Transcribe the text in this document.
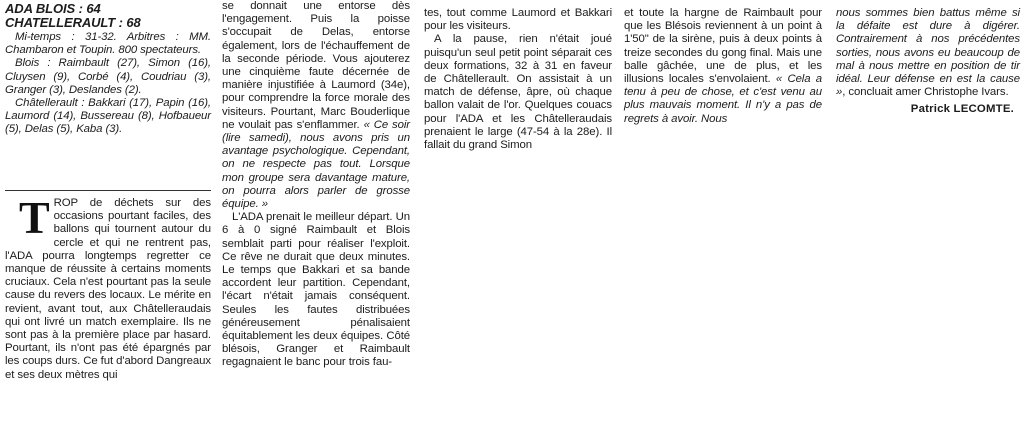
ADA BLOIS : 64
CHATELLERAULT : 68

Mi-temps : 31-32. Arbitres : MM. Chambaron et Toupin. 800 spectateurs.

Blois : Raimbault (27), Simon (16), Cluysen (9), Corbé (4), Coudriau (3), Granger (3), Deslandes (2).

Châtellerault : Bakkari (17), Papin (16), Laumord (14), Bussereau (8), Hofbaueur (5), Delas (5), Kaba (3).

T ROP de déchets sur des occasions pourtant faciles, des ballons qui tournent autour du cercle et qui ne rentrent pas, l'ADA pourra longtemps regretter ce manque de réussite à certains moments cruciaux. Cela n'est pourtant pas la seule cause du revers des locaux. Le mérite en revient, avant tout, aux Châtelleraudais qui ont livré un match exemplaire. Ils ne sont pas à la première place par hasard. Pourtant, ils n'ont pas été épargnés par les coups durs. Ce fut d'abord Dangreaux et ses deux mètres qui

se donnait une entorse dès l'engagement. Puis la poisse s'occupait de Delas, entorse également, lors de l'échauffement de la seconde période. Vous ajouterez une cinquième faute décernée de manière injustifiée à Laumord (34e), pour comprendre la force morale des visiteurs. Pourtant, Marc Bouderlique ne voulait pas s'enflammer. « Ce soir (lire samedi), nous avons pris un avantage psychologique. Cependant, on ne respecte pas tout. Lorsque mon groupe sera davantage mature, on pourra alors parler de grosse équipe. »

L'ADA prenait le meilleur départ. Un 6 à 0 signé Raimbault et Blois semblait parti pour réaliser l'exploit. Ce rêve ne durait que deux minutes. Le temps que Bakkari et sa bande accordent leur partition. Cependant, l'écart n'était jamais conséquent. Seules les fautes distribuées généreusement pénalisaient équitablement les deux équipes. Côté blésois, Granger et Raimbault regagnaient le banc pour trois fau-

tes, tout comme Laumord et Bakkari pour les visiteurs.

A la pause, rien n'était joué puisqu'un seul petit point séparait ces deux formations, 32 à 31 en faveur de Châtellerault. On assistait à un match de défense, âpre, où chaque ballon valait de l'or. Quelques couacs pour l'ADA et les Châtelleraudais prenaient le large (47-54 à la 28e). Il fallait du grand Simon

et toute la hargne de Raimbault pour que les Blésois reviennent à un point à 1'50" de la sirène, puis à deux points à treize secondes du gong final. Mais une balle gâchée, une de plus, et les illusions locales s'envolaient. « Cela a tenu à peu de chose, et c'est venu au plus mauvais moment. Il n'y a pas de regrets à avoir. Nous

nous sommes bien battus même si la défaite est dure à digérer. Contrairement à nos précédentes sorties, nous avons eu beaucoup de mal à nous mettre en position de tir idéal. Leur défense en est la cause », concluait amer Christophe Ivars.

Patrick LECOMTE.
